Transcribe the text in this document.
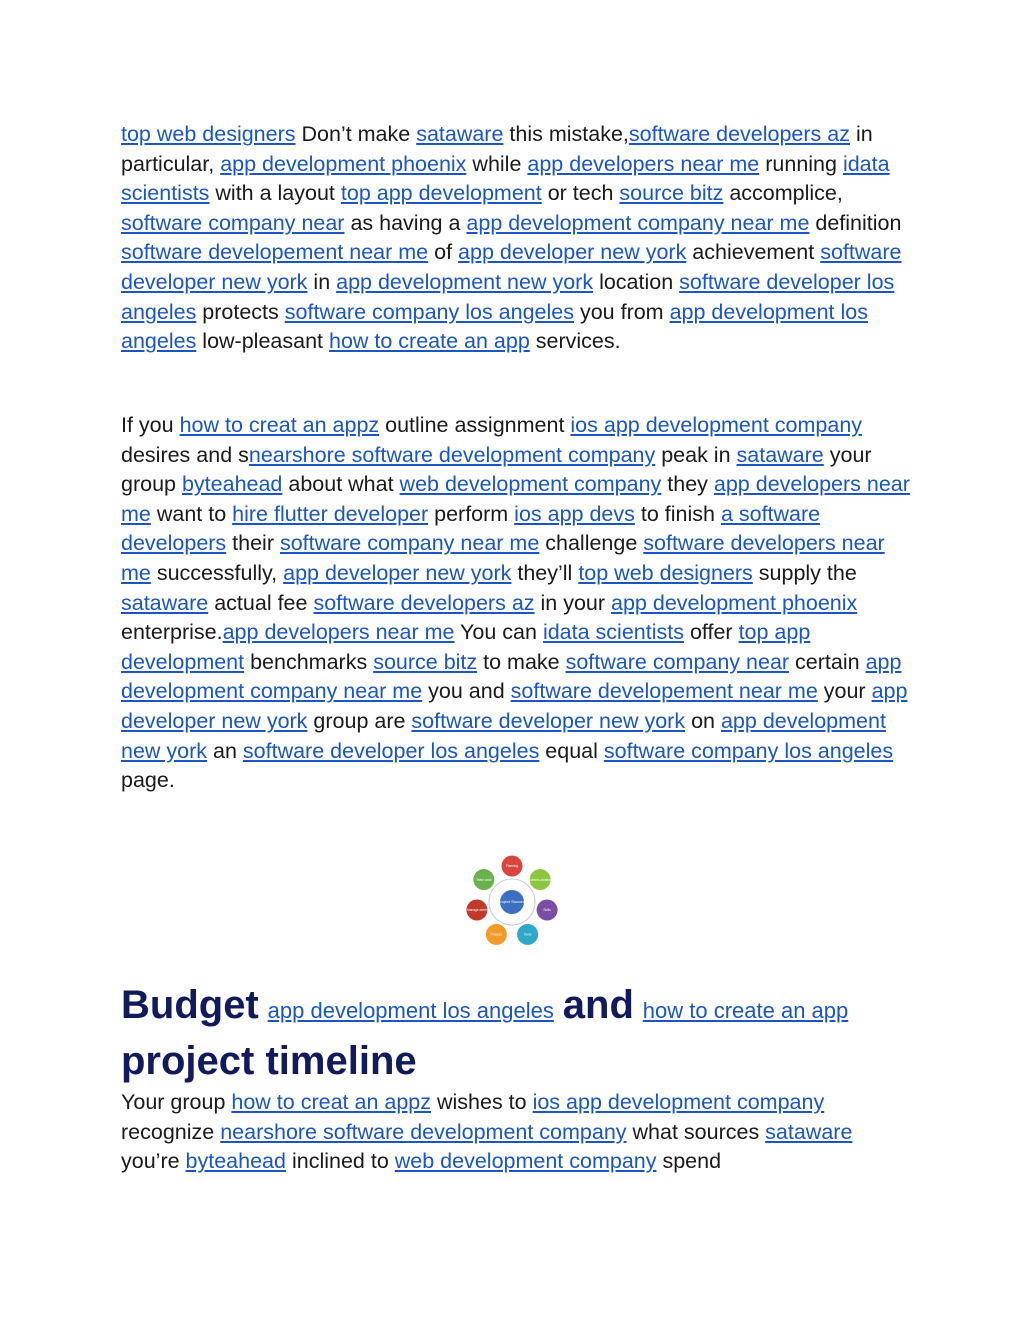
top web designers Don’t make sataware this mistake,software developers az in particular, app development phoenix while app developers near me running idata scientists with a layout top app development or tech source bitz accomplice, software company near as having a app development company near me definition software developement near me of app developer new york achievement software developer new york in app development new york location software developer los angeles protects software company los angeles you from app development los angeles low-pleasant how to create an app services.

If you how to creat an appz outline assignment ios app development company desires and snearshore software development company peak in sataware your group byteahead about what web development company they app developers near me want to hire flutter developer perform ios app devs to finish a software developers their software company near me challenge software developers near me successfully, app developer new york they’ll top web designers supply the sataware actual fee software developers az in your app development phoenix enterprise.app developers near me You can idata scientists offer top app development benchmarks source bitz to make software company near certain app development company near me you and software developement near me your app developer new york group are software developer new york on app development new york an software developer los angeles equal software company los angeles page.

Planning
Commu-nication
Skills
Tools
Process
Manage-ment
Team work
Project Success
Budget app development los angeles and how to create an app
project timeline

Your group how to creat an appz wishes to ios app development company recognize nearshore software development company what sources sataware you’re byteahead inclined to web development company spend
